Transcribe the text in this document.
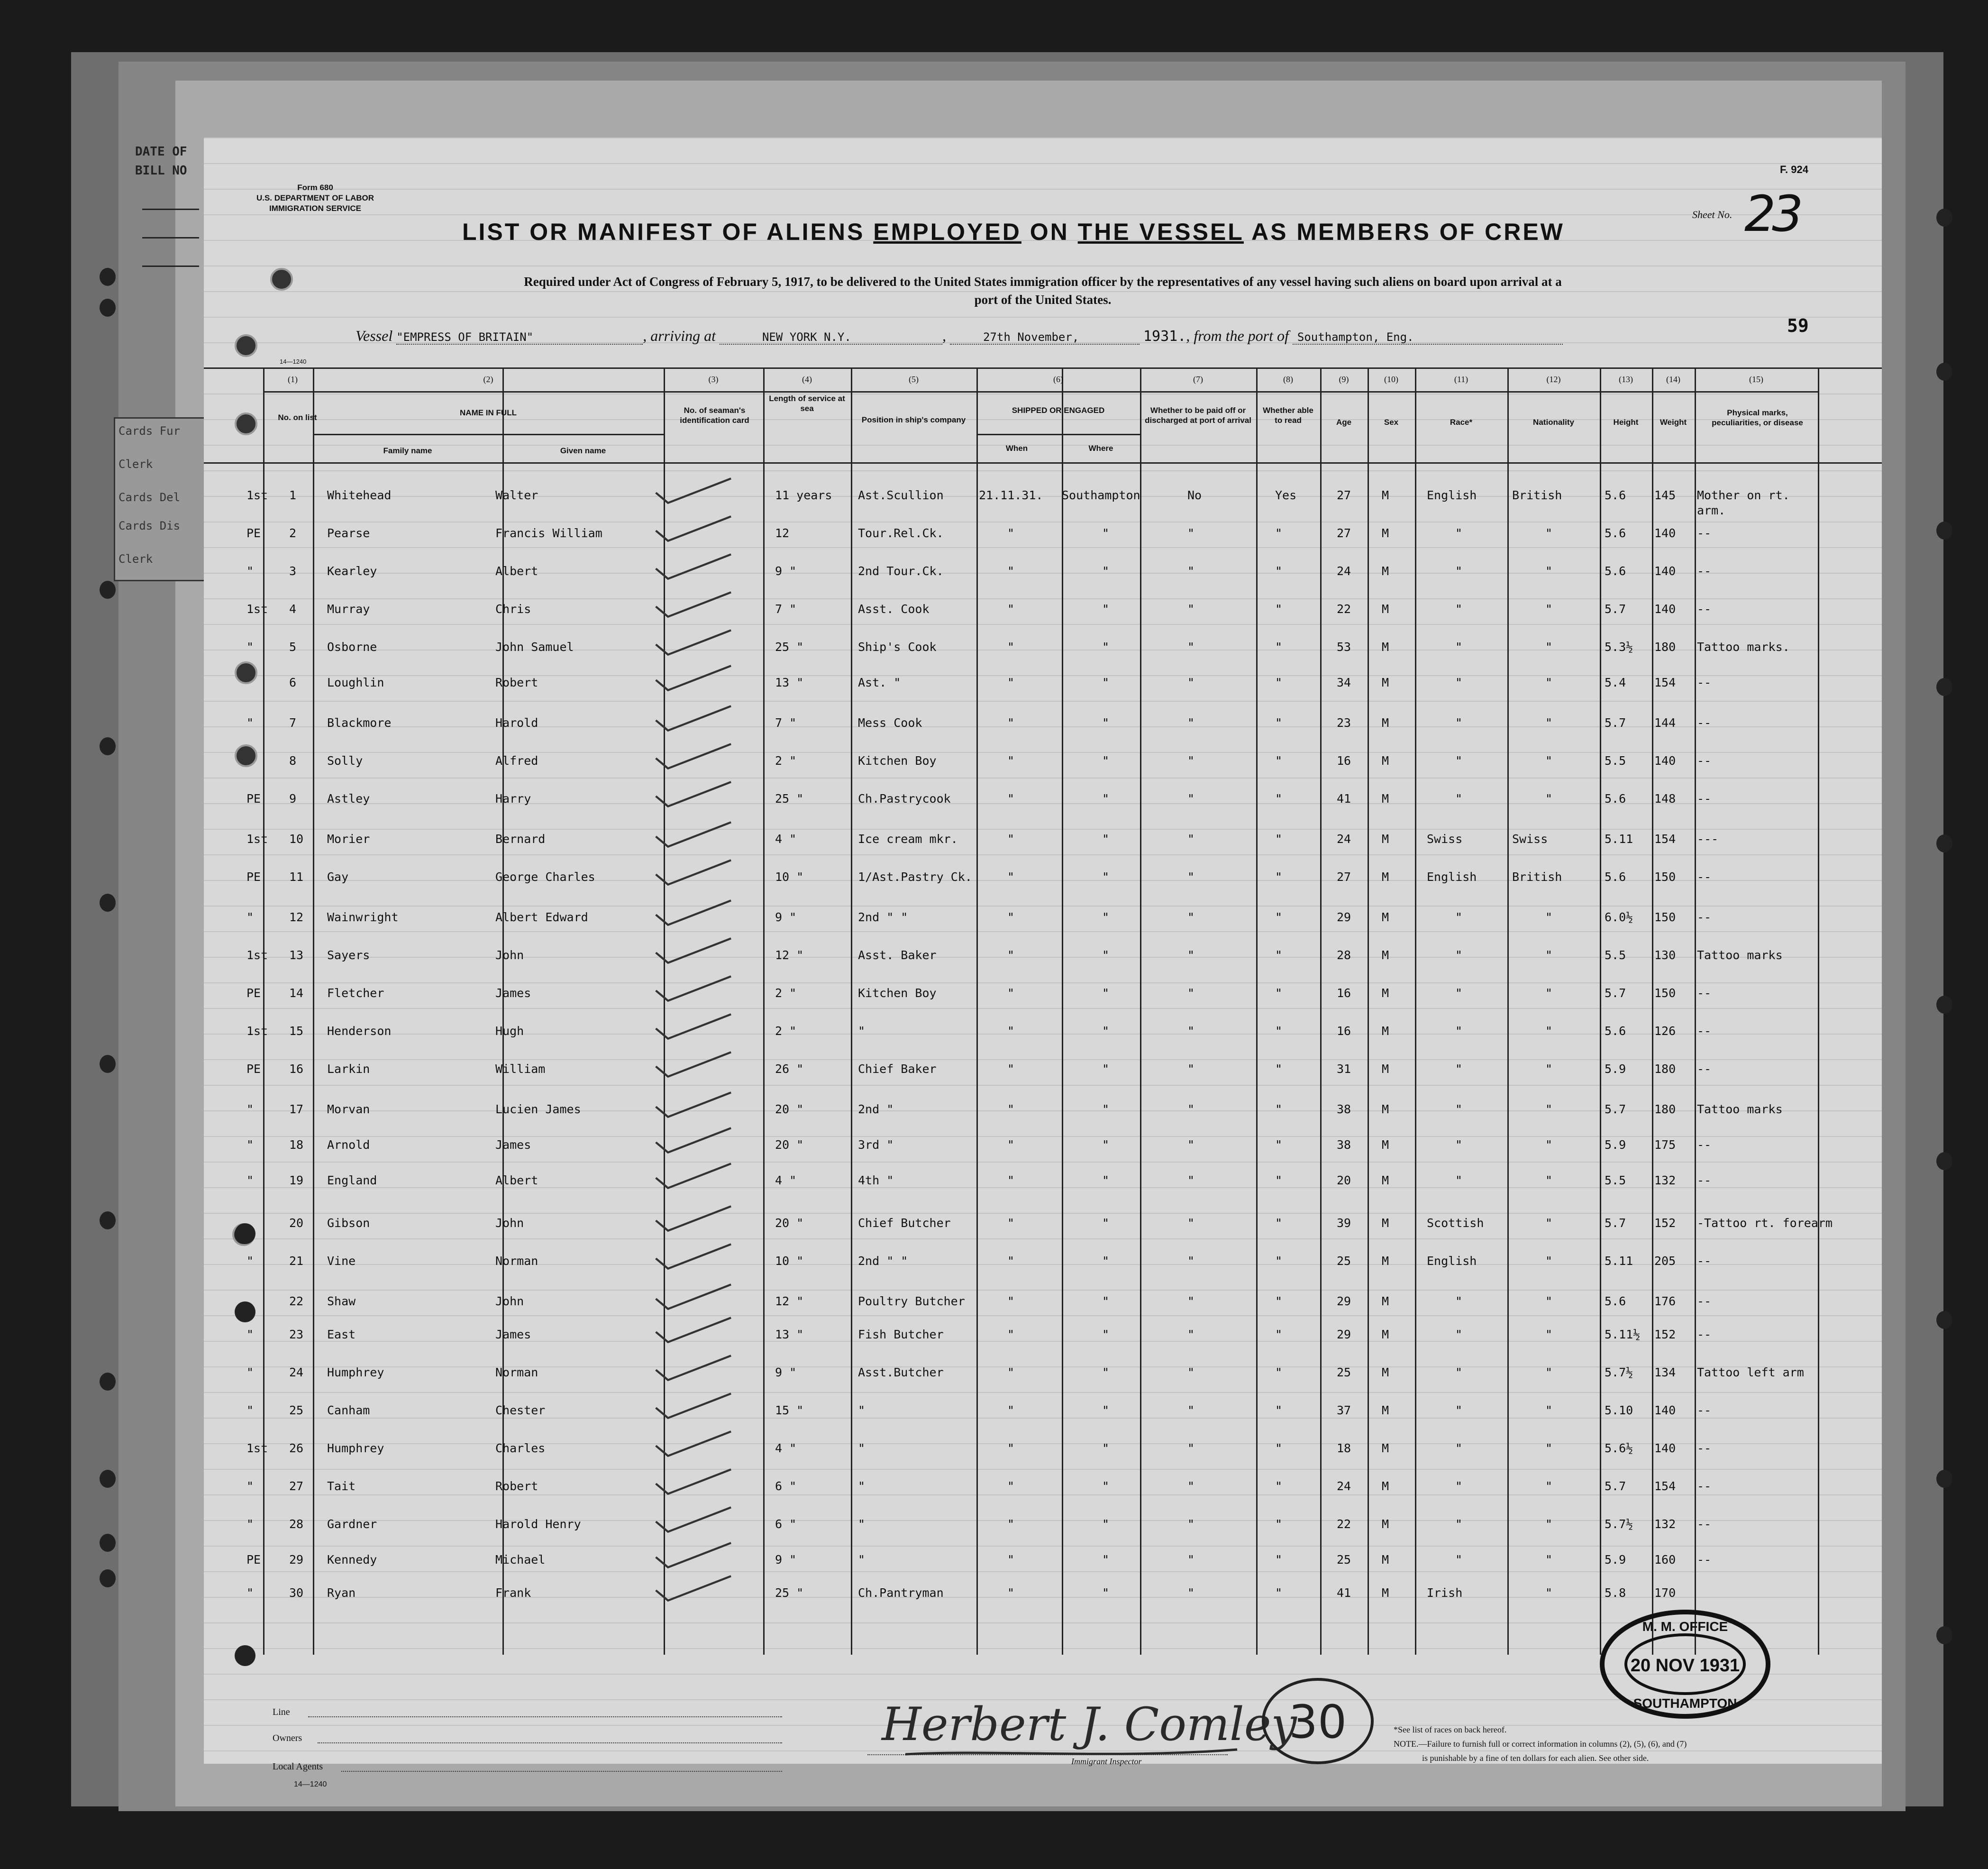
DATE OF
BILL NO
Cards Fur
Clerk
Cards Del
Cards Dis
Clerk
Form 680
U.S. DEPARTMENT OF LABOR
IMMIGRATION SERVICE
F. 924
Sheet No. 23
LIST OR MANIFEST OF ALIENS EMPLOYED ON THE VESSEL AS MEMBERS OF CREW
Required under Act of Congress of February 5, 1917, to be delivered to the United States immigration officer by the representatives of any vessel having such aliens on board upon arrival at a
port of the United States.
Vessel "EMPRESS OF BRITAIN"	, arriving at	NEW YORK N.Y.	,	27th November,	1931., from the port of Southampton, Eng.
59
14—1240
(1)	(2)	(3)	(4)	(5)	(6)	(7)	(8)	(9)	(10)	(11)	(12)	(13)	(14)	(15)
No. on list
NAME IN FULL
Family name	Given name
No. of seaman's identification card
Length of service at sea
Position in ship's company
SHIPPED OR ENGAGED
When	Where
Whether to be paid off or discharged at port of arrival
Whether able to read	Age	Sex	Race*	Nationality	Height	Weight
Physical marks, peculiarities, or disease
1st 1	Whitehead	Walter	11 years Ast.Scullion	21.11.31. Southampton	No	Yes	27	M	English	British	5.6 145 Mother on rt.
arm.
PE 2	Pearse	Francis William	12	Tour.Rel.Ck.	"	"	"	"	27	M	"	"	5.6 140 --
"	3	Kearley	Albert	9 "	2nd Tour.Ck.	"	"	"	"	24	M	"	"	5.6 140 --
1st 4	Murray	Chris	7 "	Asst. Cook	"	"	"	"	22	M	"	"	5.7 140 --
"	5	Osborne	John Samuel	25 "	Ship's Cook	"	"	"	"	53	M	"	"	5.3½ 180 Tattoo marks.
6	Loughlin	Robert	13 "	Ast. "	"	"	"	"	34	M	"	"	5.4 154 --
"	7	Blackmore	Harold	7 "	Mess Cook	"	"	"	"	23	M	"	"	5.7 144 --
8	Solly	Alfred	2 "	Kitchen Boy	"	"	"	"	16	M	"	"	5.5 140 --
PE 9	Astley	Harry	25 "	Ch.Pastrycook	"	"	"	"	41	M	"	"	5.6 148 --
1st 10 Morier	Bernard	4 "	Ice cream mkr.	"	"	"	"	24	M	Swiss	Swiss	5.11 154 ---
PE 11 Gay	George Charles	10 "	1/Ast.Pastry Ck.	"	"	"	"	27	M	English	British	5.6 150 --
"	12 Wainwright	Albert Edward	9 "	2nd " "	"	"	"	"	29	M	"	"	6.0½ 150 --
1st 13 Sayers	John	12 "	Asst. Baker	"	"	"	"	28	M	"	"	5.5 130 Tattoo marks
PE 14 Fletcher	James	2 "	Kitchen Boy	"	"	"	"	16	M	"	"	5.7 150 --
1st 15 Henderson	Hugh	2 "	"	"	"	"	"	16	M	"	"	5.6 126 --
PE 16 Larkin	William	26 "	Chief Baker	"	"	"	"	31	M	"	"	5.9 180 --
"	17 Morvan	Lucien James	20 "	2nd "	"	"	"	"	38	M	"	"	5.7 180 Tattoo marks
"	18 Arnold	James	20 "	3rd "	"	"	"	"	38	M	"	"	5.9 175 --
"	19 England	Albert	4 "	4th "	"	"	"	"	20	M	"	"	5.5 132 --
20 Gibson	John	20 "	Chief Butcher	"	"	"	"	39	M	Scottish	"	5.7 152 -Tattoo rt. forearm
"	21 Vine	Norman	10 "	2nd " "	"	"	"	"	25	M	English	"	5.11 205 --
22 Shaw	John	12 "	Poultry Butcher	"	"	"	"	29	M	"	"	5.6 176 --
"	23 East	James	13 "	Fish Butcher	"	"	"	"	29	M	"	"	5.11½ 152 --
"	24 Humphrey	Norman	9 "	Asst.Butcher	"	"	"	"	25	M	"	"	5.7½ 134 Tattoo left arm
"	25 Canham	Chester	15 "	"	"	"	"	"	37	M	"	"	5.10 140 --
1st 26 Humphrey	Charles	4 "	"	"	"	"	"	18	M	"	"	5.6½ 140 --
"	27 Tait	Robert	6 "	"	"	"	"	"	24	M	"	"	5.7 154 --
"	28 Gardner	Harold Henry	6 "	"	"	"	"	"	22	M	"	"	5.7½ 132 --
PE 29 Kennedy	Michael	9 "	"	"	"	"	"	25	M	"	"	5.9 160 --
"	30 Ryan	Frank	25 "	Ch.Pantryman	"	"	"	"	41	M	Irish	"	5.8 170
Line
Owners
Local Agents
14—1240
Herbert J. Comley
Immigrant Inspector
30	*See list of races on back hereof.
NOTE.—Failure to furnish full or correct information in columns (2), (5), (6), and (7)
is punishable by a fine of ten dollars for each alien. See other side.
M. M. OFFICE
20 NOV 1931
SOUTHAMPTON
